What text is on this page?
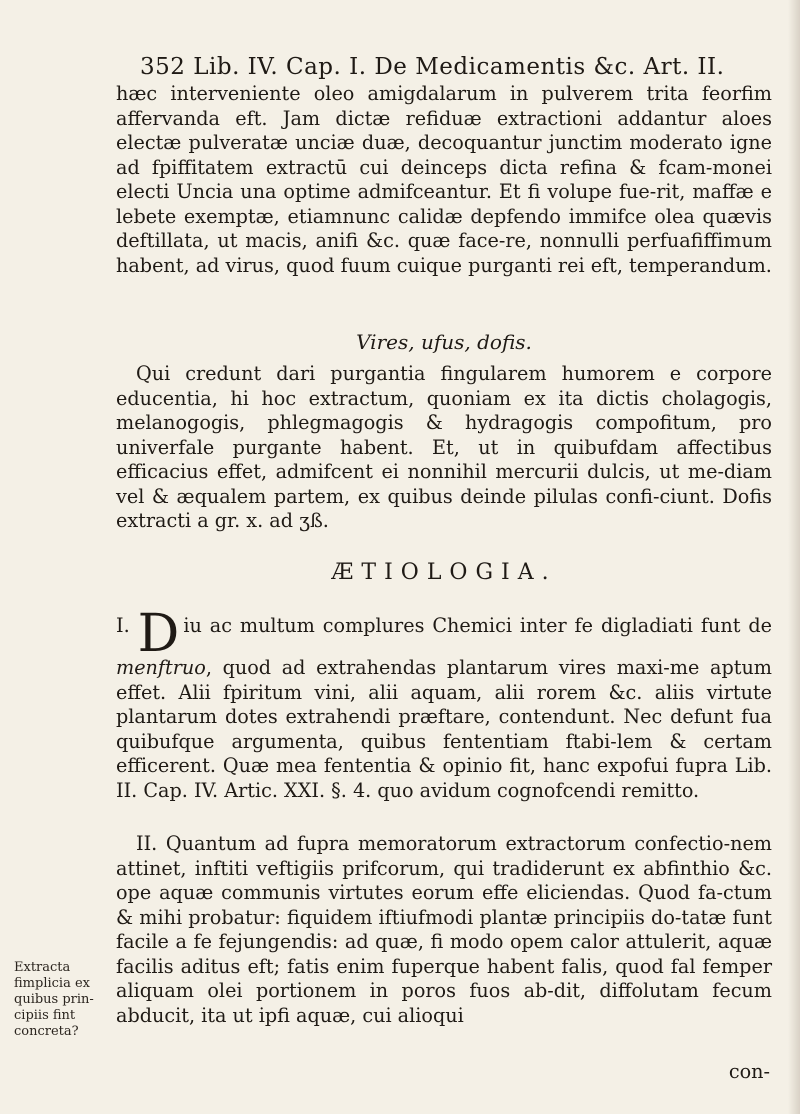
352 Lib. IV. Cap. I. De Medicamentis &c. Art. II.

hæc interveniente oleo amigdalarum in pulverem trita feorfim affervanda eft. Jam dictæ refiduæ extractioni addantur aloes electæ pulveratæ unciæ duæ, decoquantur junctim moderato igne ad fpiffitatem extractū cui deinceps dicta refina & fcam-monei electi Uncia una optime admifceantur. Et fi volupe fue-rit, maffæ e lebete exemptæ, etiamnunc calidæ depfendo immifce olea quævis deftillata, ut macis, anifi &c. quæ face-re, nonnulli perfuafiffimum habent, ad virus, quod fuum cuique purganti rei eft, temperandum.

Vires, ufus, dofis.

Qui credunt dari purgantia fingularem humorem e corpore educentia, hi hoc extractum, quoniam ex ita dictis cholagogis, melanogogis, phlegmagogis & hydragogis compofitum, pro univerfale purgante habent. Et, ut in quibufdam affectibus efficacius effet, admifcent ei nonnihil mercurii dulcis, ut me-diam vel & æqualem partem, ex quibus deinde pilulas confi-ciunt. Dofis extracti a gr. x. ad ʒß.

ÆTIOLOGIA.

I. D iu ac multum complures Chemici inter fe digladiati funt de menftruo, quod ad extrahendas plantarum vires maxi-me aptum effet. Alii fpiritum vini, alii aquam, alii rorem &c. aliis virtute plantarum dotes extrahendi præftare, contendunt. Nec defunt fua quibufque argumenta, quibus fententiam ftabi-lem & certam efficerent. Quæ mea fententia & opinio fit, hanc expofui fupra Lib. II. Cap. IV. Artic. XXI. §. 4. quo avidum cognofcendi remitto.

II. Quantum ad fupra memoratorum extractorum confectio-nem attinet, inftiti veftigiis prifcorum, qui tradiderunt ex abfinthio &c. ope aquæ communis virtutes eorum effe eliciendas. Quod fa-ctum & mihi probatur: fiquidem iftiufmodi plantæ principiis do-tatæ funt facile a fe fejungendis: ad quæ, fi modo opem calor attulerit, aquæ facilis aditus eft; fatis enim fuperque habent falis, quod fal femper aliquam olei portionem in poros fuos ab-dit, diffolutam fecum abducit, ita ut ipfi aquæ, cui alioqui

con-
Extracta
fimplicia ex
quibus prin-
cipiis fint
concreta?
